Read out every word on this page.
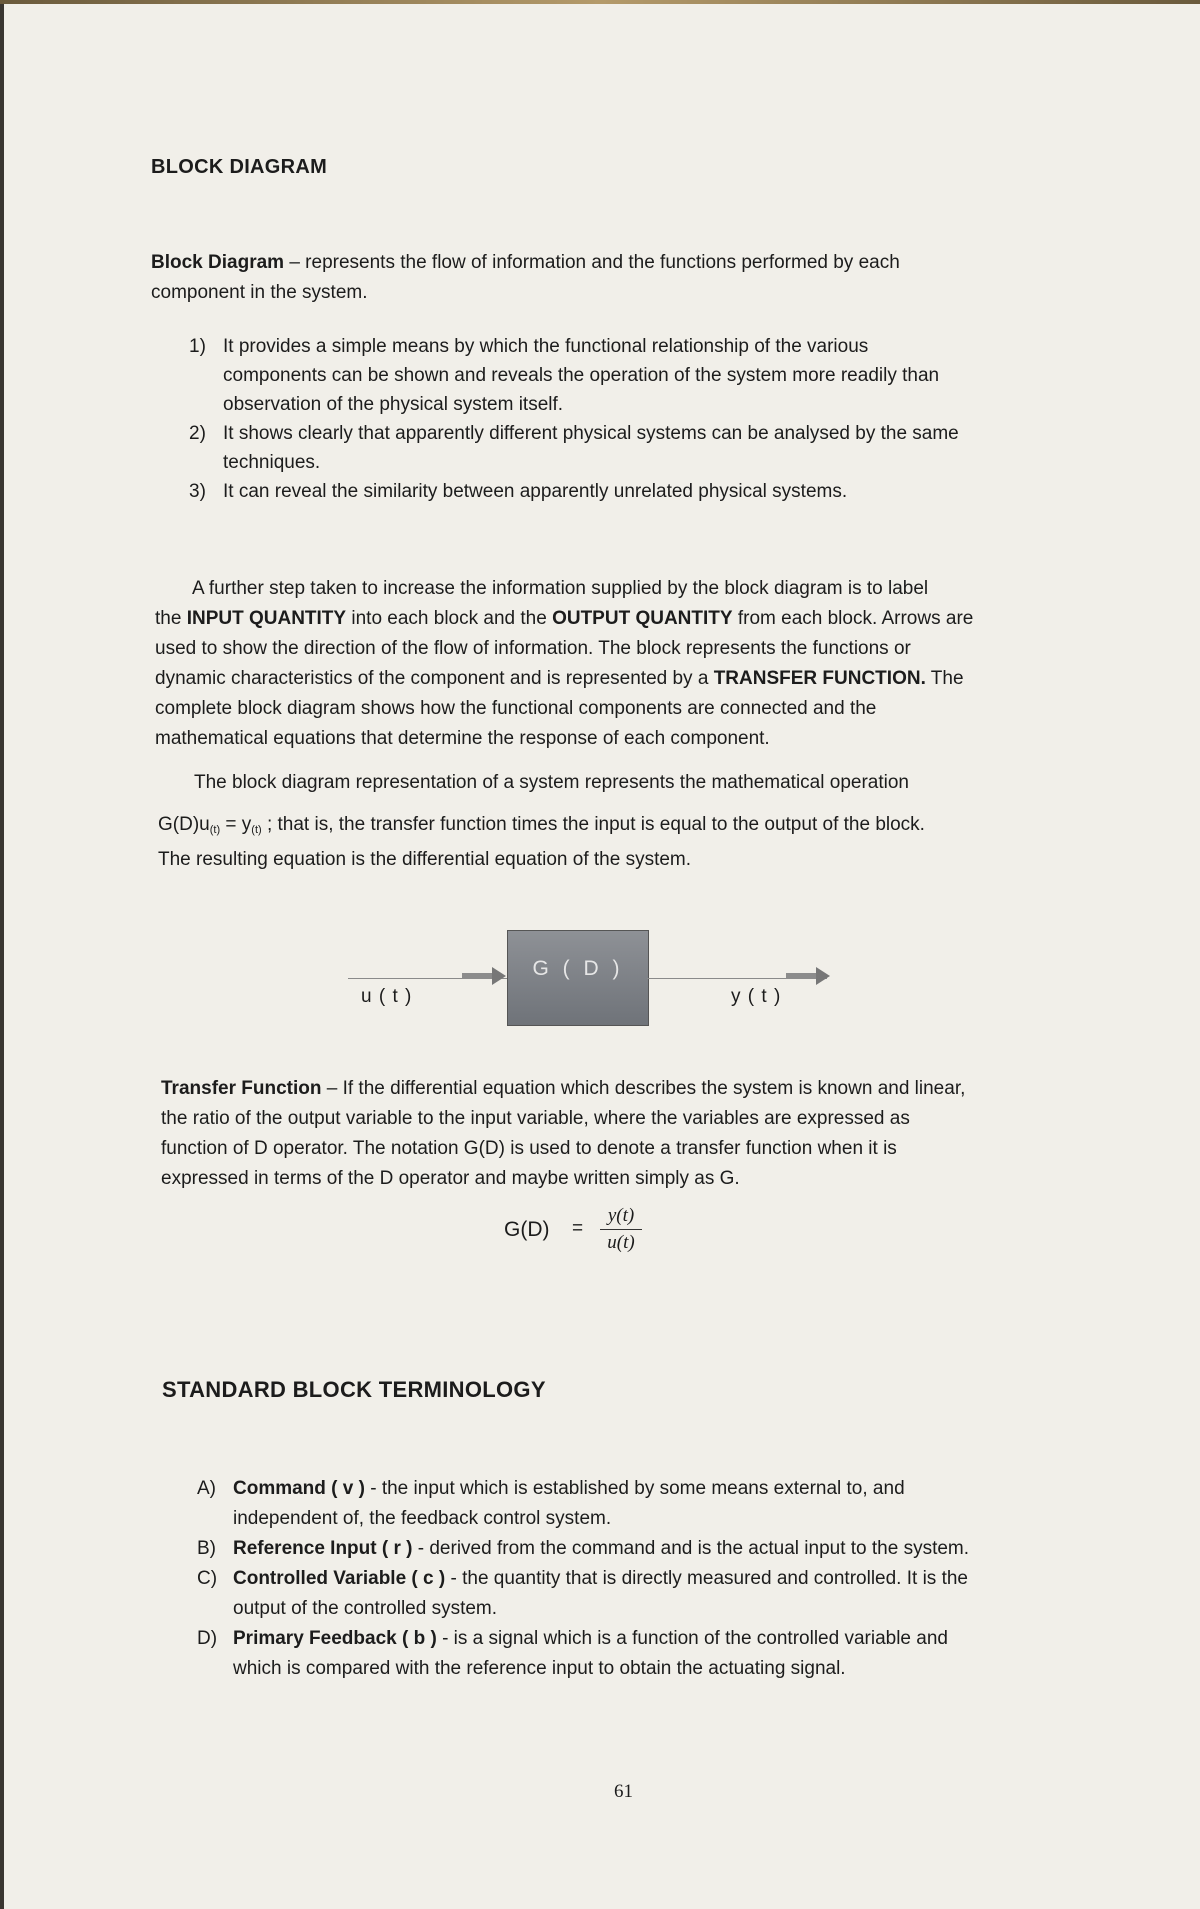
BLOCK DIAGRAM
Block Diagram – represents the flow of information and the functions performed by each
component in the system.
1) It provides a simple means by which the functional relationship of the various
components can be shown and reveals the operation of the system more readily than
observation of the physical system itself.
2) It shows clearly that apparently different physical systems can be analysed by the same
techniques.
3) It can reveal the similarity between apparently unrelated physical systems.
A further step taken to increase the information supplied by the block diagram is to label
the INPUT QUANTITY into each block and the OUTPUT QUANTITY from each block. Arrows are
used to show the direction of the flow of information. The block represents the functions or
dynamic characteristics of the component and is represented by a TRANSFER FUNCTION. The
complete block diagram shows how the functional components are connected and the
mathematical equations that determine the response of each component.
The block diagram representation of a system represents the mathematical operation
$G(D)u_{(t)} = y_{(t)}$ ; that is, the transfer function times the input is equal to the output of the block.
The resulting equation is the differential equation of the system.
G ( D )
u ( t )	y ( t )
Transfer Function – If the differential equation which describes the system is known and linear,
the ratio of the output variable to the input variable, where the variables are expressed as
function of D operator. The notation G(D) is used to denote a transfer function when it is
expressed in terms of the D operator and maybe written simply as G.
G(D) =
y(t)
u(t)
STANDARD BLOCK TERMINOLOGY
A) Command ( v ) - the input which is established by some means external to, and
independent of, the feedback control system.
B) Reference Input ( r ) - derived from the command and is the actual input to the system.
C) Controlled Variable ( c ) - the quantity that is directly measured and controlled. It is the
output of the controlled system.
D) Primary Feedback ( b ) - is a signal which is a function of the controlled variable and
which is compared with the reference input to obtain the actuating signal.
61
